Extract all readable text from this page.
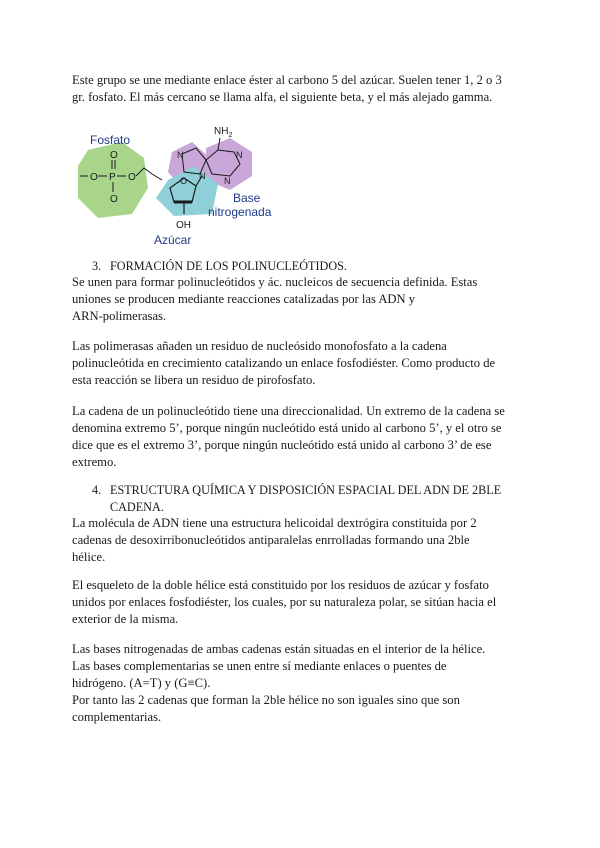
Este grupo se une mediante enlace éster al carbono 5 del azúcar. Suelen tener 1, 2 o 3
gr. fosfato. El más cercano se llama alfa, el siguiente beta, y el más alejado gamma.
Fosfato
O
O P O
O
O
N
N
N
N
$NH_2$
Base
nitrogenada
OH
Azúcar
3. FORMACIÓN DE LOS POLINUCLEÓTIDOS.
Se unen para formar polinucleótidos y ác. nucleicos de secuencia definida. Estas
uniones se producen mediante reacciones catalizadas por las ADN y
ARN-polimerasas.
Las polimerasas añaden un residuo de nucleósido monofosfato a la cadena
polinucleótida en crecimiento catalizando un enlace fosfodiéster. Como producto de
esta reacción se libera un residuo de pirofosfato.
La cadena de un polinucleótido tiene una direccionalidad. Un extremo de la cadena se
denomina extremo 5’, porque ningún nucleótido está unido al carbono 5’, y el otro se
dice que es el extremo 3’, porque ningún nucleótido está unido al carbono 3’ de ese
extremo.
4. ESTRUCTURA QUÍMICA Y DISPOSICIÓN ESPACIAL DEL ADN DE 2BLE
CADENA.
La molécula de ADN tiene una estructura helicoidal dextrógira constituida por 2
cadenas de desoxirribonucleótidos antiparalelas enrrolladas formando una 2ble
hélice.
El esqueleto de la doble hélice está constituido por los residuos de azúcar y fosfato
unidos por enlaces fosfodiéster, los cuales, por su naturaleza polar, se sitúan hacia el
exterior de la misma.
Las bases nitrogenadas de ambas cadenas están situadas en el interior de la hélice.
Las bases complementarias se unen entre sí mediante enlaces o puentes de
hidrógeno. (A=T) y (G≡C).
Por tanto las 2 cadenas que forman la 2ble hélice no son iguales sino que son
complementarias.
